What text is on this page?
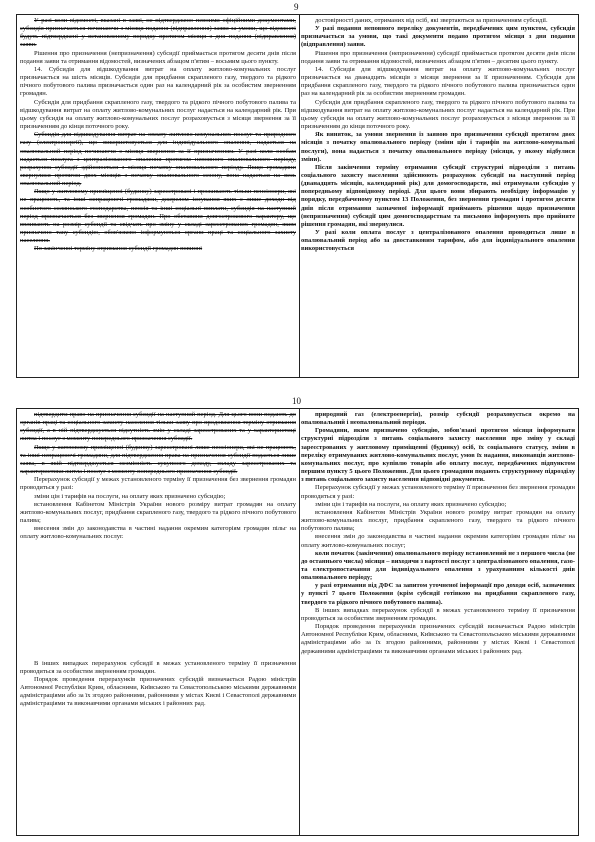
9

У разі коли відомості, вказані в заяві, не підтверджено певними офіційними документами, субсидія призначається починаючи з місяця подання (відправлення) заяви за умови, що відомості будуть підтверджені у встановленому порядку протягом місяця з дня подання (відправлення) заяви.

Рішення про призначення (непризначення) субсидії приймається протягом десяти днів після подання заяви та отримання відомостей, визначених абзацом п'ятим – восьмим цього пункту.

14. Субсидія для відшкодування витрат на оплату житлово-комунальних послуг призначається на шість місяців. Субсидія для придбання скрапленого газу, твердого та рідкого пічного побутового палива призначається один раз на календарний рік за особистим зверненням громадян.

Субсидія для придбання скрапленого газу, твердого та рідкого пічного побутового палива та відшкодування витрат на оплату житлово-комунальних послуг надається на календарний рік. При цьому субсидія на оплату житлово-комунальних послуг розраховується з місяця звернення за її призначенням до кінця поточного року.

Субсидія для відшкодування витрат на оплату житлово-комунальних послуг та природного газу (електроенергії), що використовується для індивідуального опалення, надається на опалювальний період починаючи з місяця звернення за її призначенням. У разі коли особам надається послуга з централізованого опалення протягом неповного опалювального періоду, розрахунок субсидії здійснюється з місяця початку опалювального періоду. Якщо громадяни звернулися протягом двох місяців з початку опалювального сезону, вона надається на весь опалювальний період.

Якщо у житловому приміщенні (будинку) зареєстровані і проживають тільки пенсіонери, які не працюють, та інші непрацюючі громадяни, джерелом існування яких є лише доходи від особистого селянського господарства, пенсія та інші соціальні виплати, субсидія на наступний період призначається без звернення громадян. Про обставини довгострокового характеру, що впливають на розмір субсидії та свідчать про зміну у складі зареєстрованих громадян, яким призначено таку субсидію, обов'язково інформуються органи праці та соціального захисту населення.

По закінченні терміну отримання субсидії громадян повинні

достовірності даних, отриманих від осіб, які звертаються за призначенням субсидії.

У разі подання неповного переліку документів, передбачених цим пунктом, субсидія призначається за умови, що такі документи подано протягом місяця з дня подання (відправлення) заяви.

Рішення про призначення (непризначення) субсидії приймається протягом десяти днів після подання заяви та отримання відомостей, визначених абзацом п'ятим – десятим цього пункту.

14. Субсидія для відшкодування витрат на оплату житлово-комунальних послуг призначається на дванадцять місяців з місяця звернення за її призначенням. Субсидія для придбання скрапленого газу, твердого та рідкого пічного побутового палива призначається один раз на календарний рік за особистим зверненням громадян.

Субсидія для придбання скрапленого газу, твердого та рідкого пічного побутового палива та відшкодування витрат на оплату житлово-комунальних послуг надається на календарний рік. При цьому субсидія на оплату житлово-комунальних послуг розраховується з місяця звернення за її призначенням до кінця поточного року.

Як виняток, за умови звернення із заявою про призначення субсидії протягом двох місяців з початку опалювального періоду (зміни цін і тарифів на житлово-комунальні послуги), вона надається з початку опалювального періоду (місяця, у якому відбулися зміни).

Після закінчення терміну отримання субсидії структурні підрозділи з питань соціального захисту населення здійснюють розрахунок субсидії на наступний період (дванадцять місяців, календарний рік) для домогосподарств, які отримували субсидію у попередньому відповідному періоді. Для цього вони збирають необхідну інформацію у порядку, передбаченому пунктом 13 Положення, без звернення громадян і протягом десяти днів після отримання зазначеної інформації приймають рішення щодо призначення (непризначення) субсидії цим домогосподарствам та письмово інформують про прийняте рішення громадян, які звернулися.

У разі коли оплата послуг з централізованого опалення проводиться лише в опалювальний період або за двоставковим тарифом, або для індивідуального опалення використовується

10

підтвердити право на призначення субсидії на наступний період. Для цього вони подають до органів праці та соціального захисту населення тільки заяву про продовження терміну отримання субсидії, а в ній підтверджується відсутність змін у складі зареєстрованих та у характеристиці житла і послуг з моменту попереднього призначення субсидії.

Якщо у житловому приміщенні (будинку) зареєстровані лише пенсіонери, які не працюють, та інші непрацюючі громадяни, для підтвердження права на призначення субсидії подається лише заява, в якій підтверджується незмінність сукупного доходу, складу зареєстрованих та характеристики житла і послуг з моменту попереднього призначення субсидії.

Перерахунок субсидії у межах установленого терміну її призначення без звернення громадян проводиться у разі:

зміни цін і тарифів на послуги, на оплату яких призначено субсидію;

встановлення Кабінетом Міністрів України нового розміру витрат громадян на оплату житлово-комунальних послуг, придбання скрапленого газу, твердого та рідкого пічного побутового палива;

внесення змін до законодавства в частині надання окремим категоріям громадян пільг на оплату житлово-комунальних послуг.

В інших випадках перерахунок субсидії в межах установленого терміну її призначення проводиться за особистим зверненням громадян.

Порядок проведення перерахунків призначених субсидій визначається Радою міністрів Автономної Республіки Крим, обласними, Київською та Севастопольською міськими державними адміністраціями або за їх згодою районними, районними у містах Києві і Севастополі державними адміністраціями та виконавчими органами міських і районних рад.

природний газ (електроенергія), розмір субсидії розраховується окремо на опалювальний і неопалювальний періоди.

Громадяни, яким призначено субсидію, зобов'язані протягом місяця інформувати структурні підрозділи з питань соціального захисту населення про зміну у складі зареєстрованих у житловому приміщенні (будинку) осіб, їх соціального статусу, зміни в переліку отримуваних житлово-комунальних послуг, умов їх надання, виконавців житлово-комунальних послуг, про купівлю товарів або оплату послуг, передбачених підпунктом першим пункту 5 цього Положення. Для цього громадяни подають структурному підрозділу з питань соціального захисту населення відповідні документи.

Перерахунок субсидії у межах установленого терміну її призначення без звернення громадян проводиться у разі:

зміни цін і тарифів на послуги, на оплату яких призначено субсидію;

встановлення Кабінетом Міністрів України нового розміру витрат громадян на оплату житлово-комунальних послуг, придбання скрапленого газу, твердого та рідкого пічного побутового палива;

внесення змін до законодавства в частині надання окремим категоріям громадян пільг на оплату житлово-комунальних послуг;

коли початок (закінчення) опалювального періоду встановлений не з першого числа (не до останнього числа) місяця – виходячи з вартості послуг з централізованого опалення, газо- та електропостачання для індивідуального опалення з урахуванням кількості днів опалювального періоду;

у разі отримання від ДФС за запитом уточненої інформації про доходи осіб, зазначених у пункті 7 цього Положення (крім субсидії готівкою на придбання скрапленого газу, твердого та рідкого пічного побутового палива).

В інших випадках перерахунок субсидії в межах установленого терміну її призначення проводиться за особистим зверненням громадян.

Порядок проведення перерахунків призначених субсидій визначається Радою міністрів Автономної Республіки Крим, обласними, Київською та Севастопольською міськими державними адміністраціями або за їх згодою районними, районними у містах Києві і Севастополі державними адміністраціями та виконавчими органами міських і районних рад.
